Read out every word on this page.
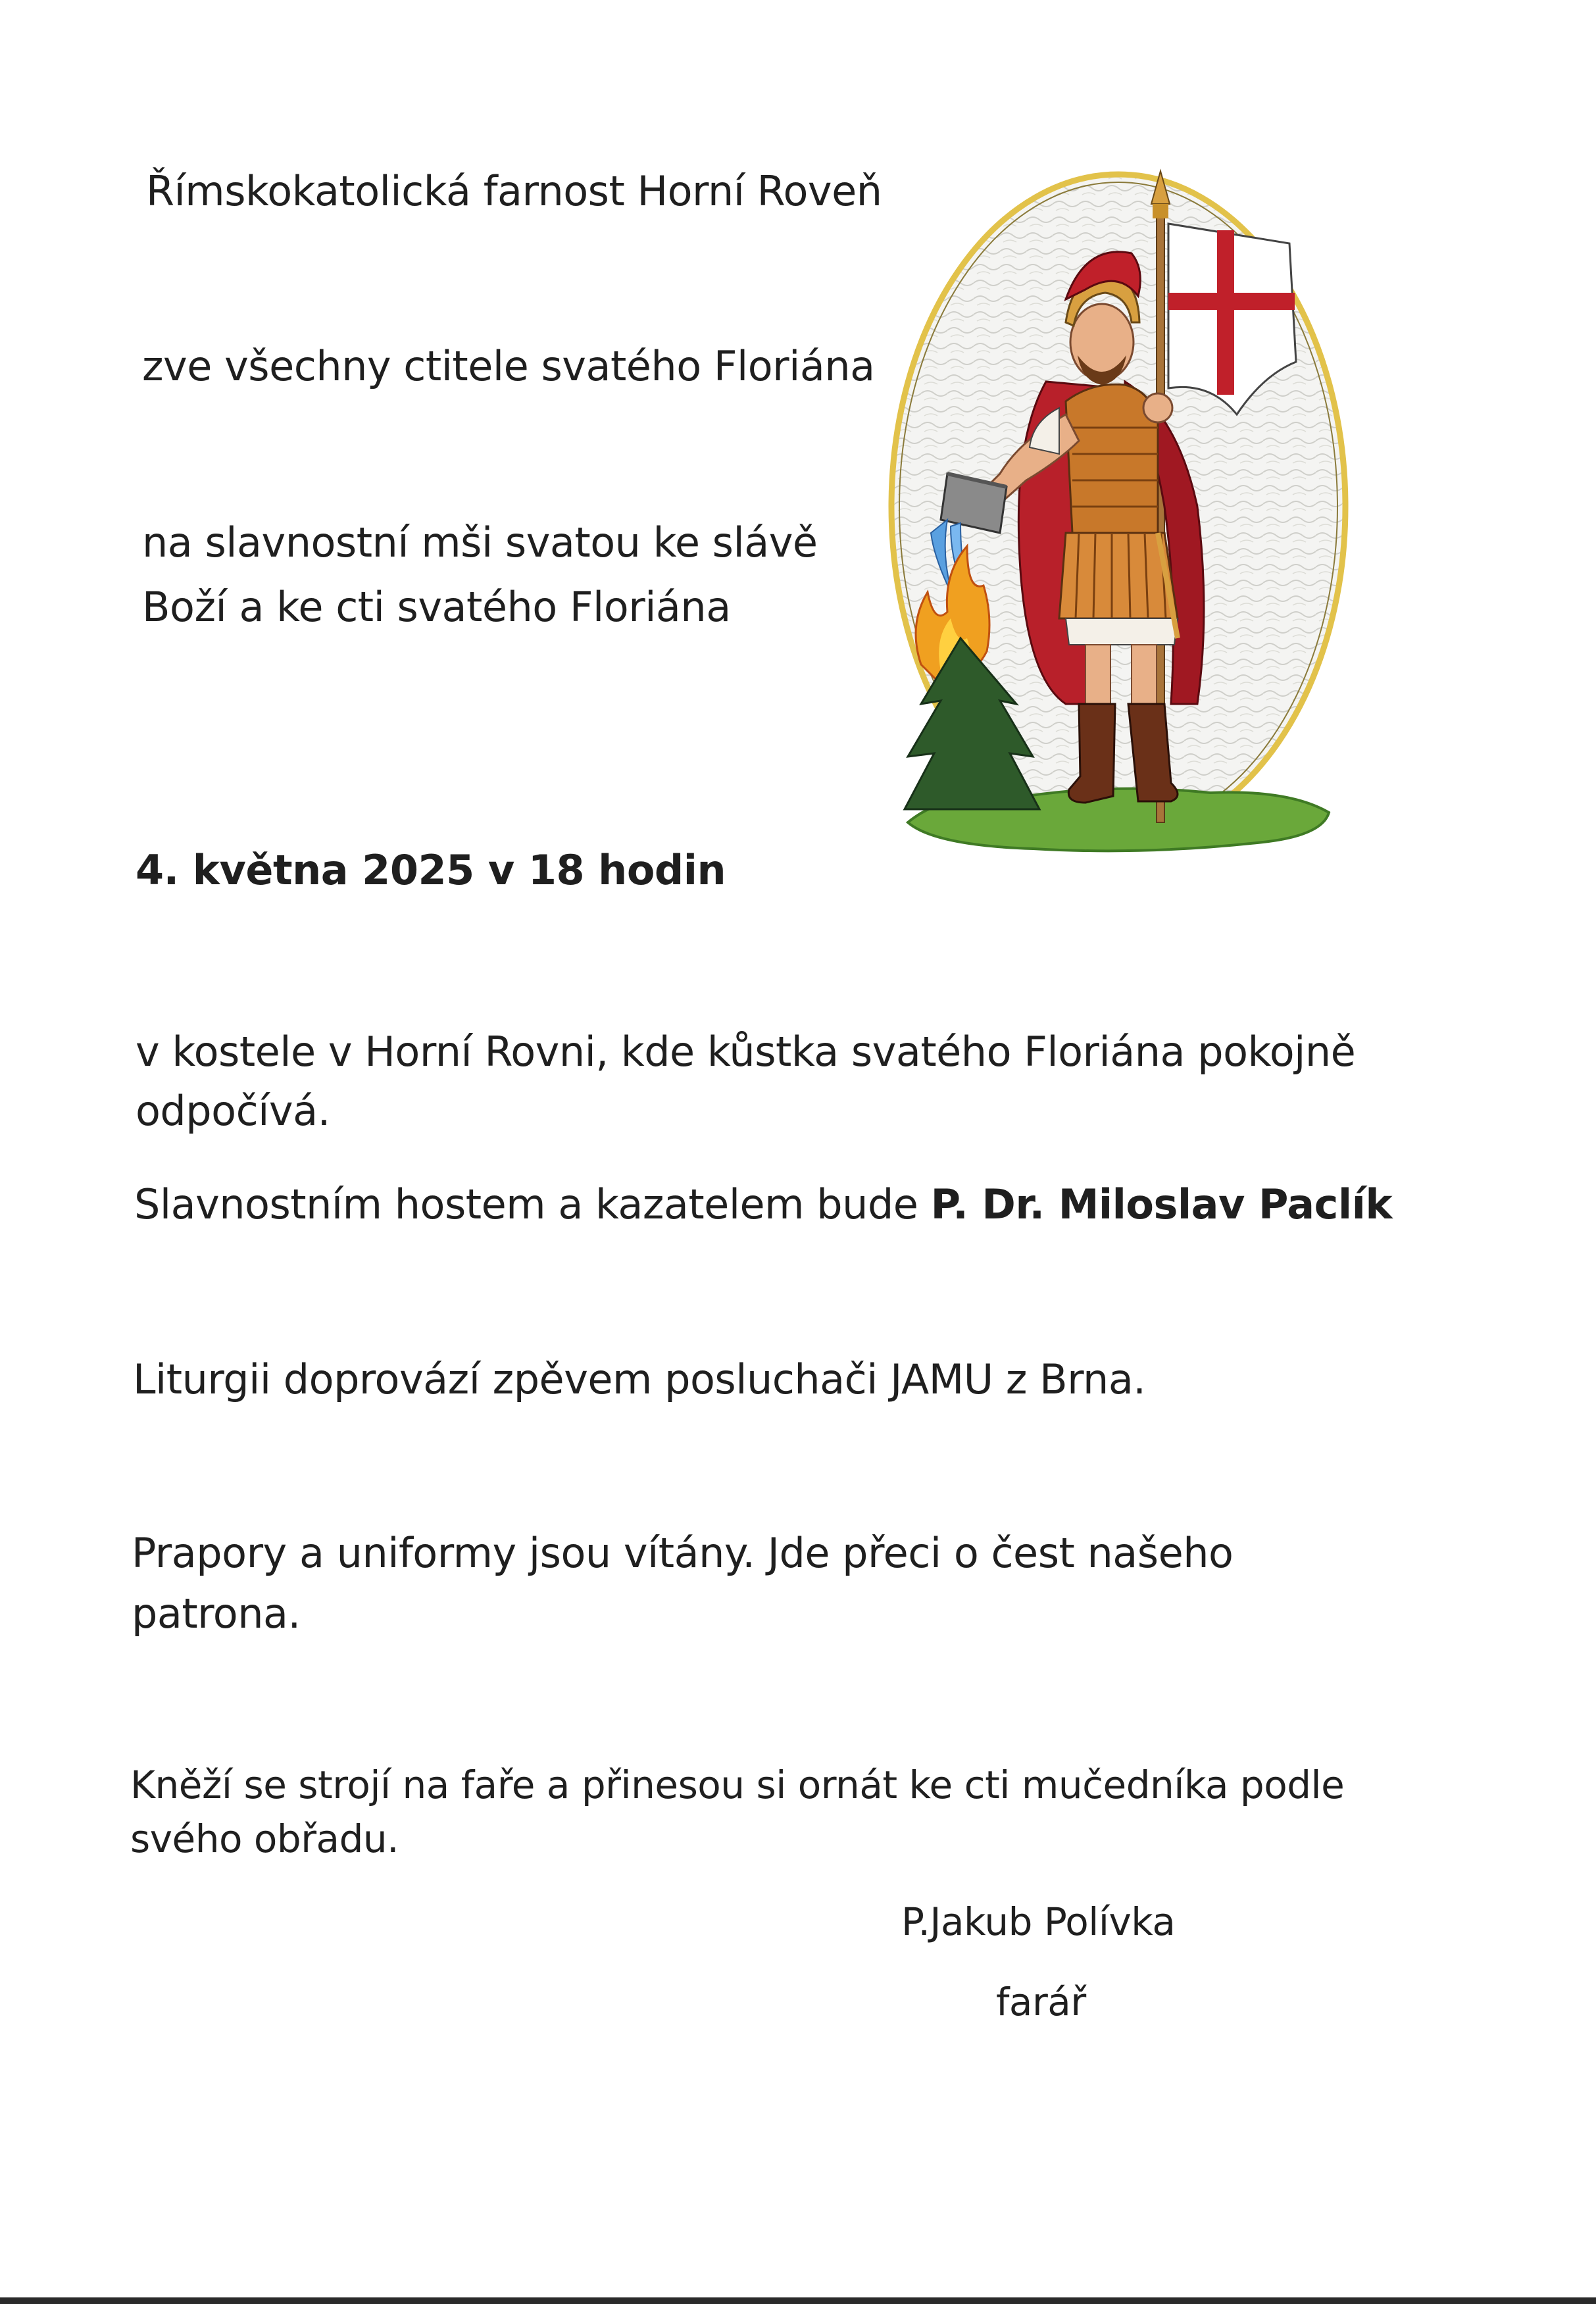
Římskokatolická farnost Horní Roveň

zve všechny ctitele svatého Floriána

na slavnostní mši svatou ke slávě

Boží a ke cti svatého Floriána

4. května 2025 v 18 hodin

v kostele v Horní Rovni, kde kůstka svatého Floriána pokojně

odpočívá.

Slavnostním hostem a kazatelem bude P. Dr. Miloslav Paclík

Liturgii doprovází zpěvem posluchači JAMU z Brna.

Prapory a uniformy jsou vítány. Jde přeci o čest našeho

patrona.

Kněží se strojí na faře a přinesou si ornát ke cti mučedníka podle

svého obřadu.

P.Jakub Polívka

farář
